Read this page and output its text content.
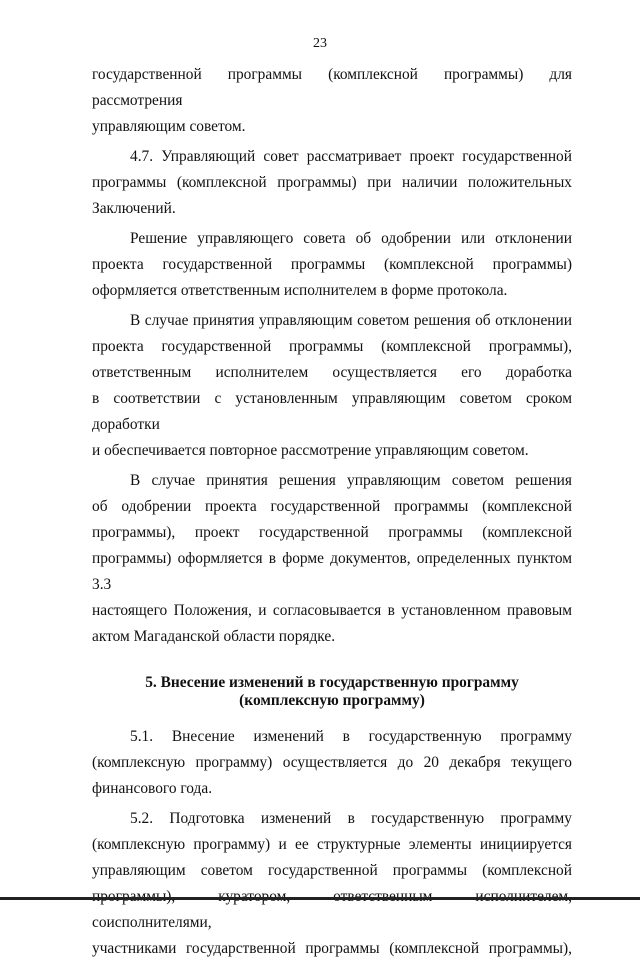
23

государственной программы (комплексной программы) для рассмотрения

управляющим советом.

4.7. Управляющий совет рассматривает проект государственной

программы (комплексной программы) при наличии положительных

Заключений.

Решение управляющего совета об одобрении или отклонении

проекта государственной программы (комплексной программы)

оформляется ответственным исполнителем в форме протокола.

В случае принятия управляющим советом решения об отклонении

проекта государственной программы (комплексной программы),

ответственным исполнителем осуществляется его доработка

в соответствии с установленным управляющим советом сроком доработки

и обеспечивается повторное рассмотрение управляющим советом.

В случае принятия решения управляющим советом решения

об одобрении проекта государственной программы (комплексной

программы), проект государственной программы (комплексной

программы) оформляется в форме документов, определенных пунктом 3.3

настоящего Положения, и согласовывается в установленном правовым

актом Магаданской области порядке.

5. Внесение изменений в государственную программу
(комплексную программу)

5.1. Внесение изменений в государственную программу

(комплексную программу) осуществляется до 20 декабря текущего

финансового года.

5.2. Подготовка изменений в государственную программу

(комплексную программу) и ее структурные элементы инициируется

управляющим советом государственной программы (комплексной

соисполнителями,

участниками государственной программы (комплексной программы),
